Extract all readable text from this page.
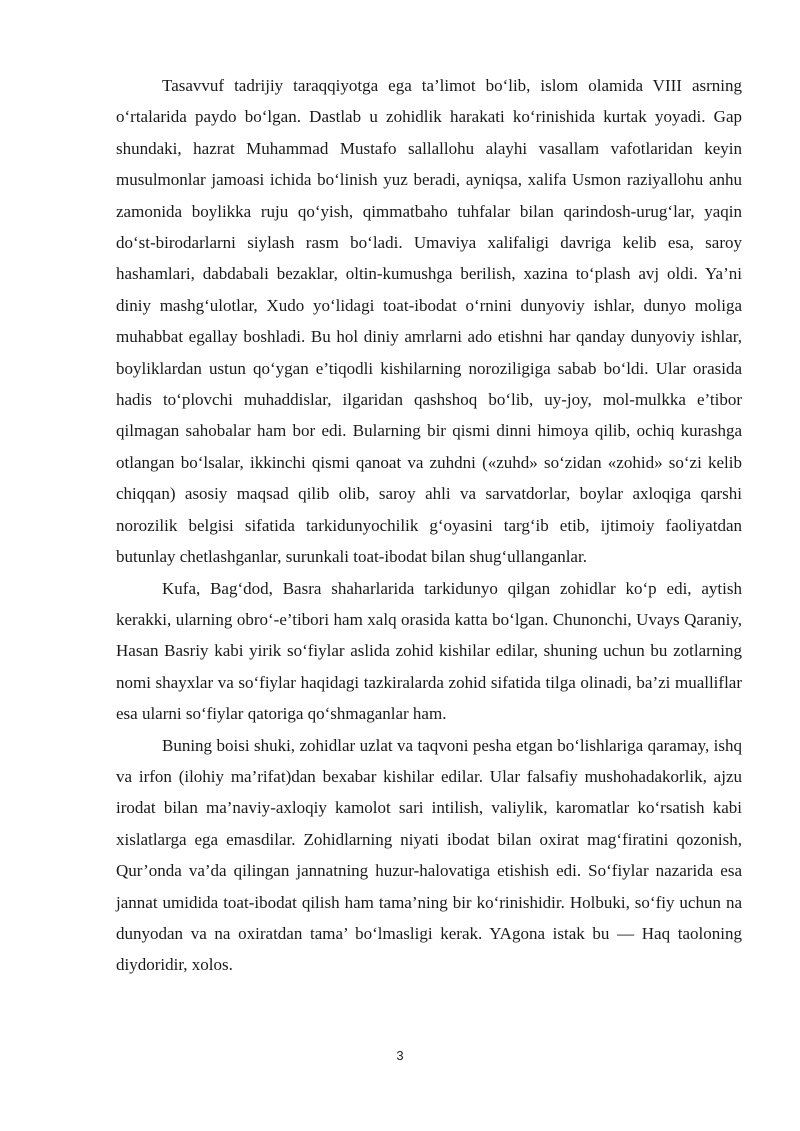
Tasavvuf tadrijiy taraqqiyotga ega ta’limot bo‘lib, islom olamida VIII asrning o‘rtalarida paydo bo‘lgan. Dastlab u zohidlik harakati ko‘rinishida kurtak yoyadi. Gap shundaki, hazrat Muhammad Mustafo sallallohu alayhi vasallam vafotlaridan keyin musulmonlar jamoasi ichida bo‘linish yuz beradi, ayniqsa, xalifa Usmon raziyallohu anhu zamonida boylikka ruju qo‘yish, qimmatbaho tuhfalar bilan qarindosh-urug‘lar, yaqin do‘st-birodarlarni siylash rasm bo‘ladi. Umaviya xalifaligi davriga kelib esa, saroy hashamlari, dabdabali bezaklar, oltin-kumushga berilish, xazina to‘plash avj oldi. Ya’ni diniy mashg‘ulotlar, Xudo yo‘lidagi toat-ibodat o‘rnini dunyoviy ishlar, dunyo moliga muhabbat egallay boshladi. Bu hol diniy amrlarni ado etishni har qanday dunyoviy ishlar, boyliklardan ustun qo‘ygan e’tiqodli kishilarning noroziligiga sabab bo‘ldi. Ular orasida hadis to‘plovchi muhaddislar, ilgaridan qashshoq bo‘lib, uy-joy, mol-mulkka e’tibor qilmagan sahobalar ham bor edi. Bularning bir qismi dinni himoya qilib, ochiq kurashga otlangan bo‘lsalar, ikkinchi qismi qanoat va zuhdni («zuhd» so‘zidan «zohid» so‘zi kelib chiqqan) asosiy maqsad qilib olib, saroy ahli va sarvatdorlar, boylar axloqiga qarshi norozilik belgisi sifatida tarkidunyochilik g‘oyasini targ‘ib etib, ijtimoiy faoliyatdan butunlay chetlashganlar, surunkali toat-ibodat bilan shug‘ullanganlar.

Kufa, Bag‘dod, Basra shaharlarida tarkidunyo qilgan zohidlar ko‘p edi, aytish kerakki, ularning obro‘-e’tibori ham xalq orasida katta bo‘lgan. Chunonchi, Uvays Qaraniy, Hasan Basriy kabi yirik so‘fiylar aslida zohid kishilar edilar, shuning uchun bu zotlarning nomi shayxlar va so‘fiylar haqidagi tazkiralarda zohid sifatida tilga olinadi, ba’zi mualliflar esa ularni so‘fiylar qatoriga qo‘shmaganlar ham.

Buning boisi shuki, zohidlar uzlat va taqvoni pesha etgan bo‘lishlariga qaramay, ishq va irfon (ilohiy ma’rifat)dan bexabar kishilar edilar. Ular falsafiy mushohadakorlik, ajzu irodat bilan ma’naviy-axloqiy kamolot sari intilish, valiylik, karomatlar ko‘rsatish kabi xislatlarga ega emasdilar. Zohidlarning niyati ibodat bilan oxirat mag‘firatini qozonish, Qur’onda va’da qilingan jannatning huzur-halovatiga etishish edi. So‘fiylar nazarida esa jannat umidida toat-ibodat qilish ham tama’ning bir ko‘rinishidir. Holbuki, so‘fiy uchun na dunyodan va na oxiratdan tama’ bo‘lmasligi kerak. YAgona istak bu — Haq taoloning diydoridir, xolos.

3
